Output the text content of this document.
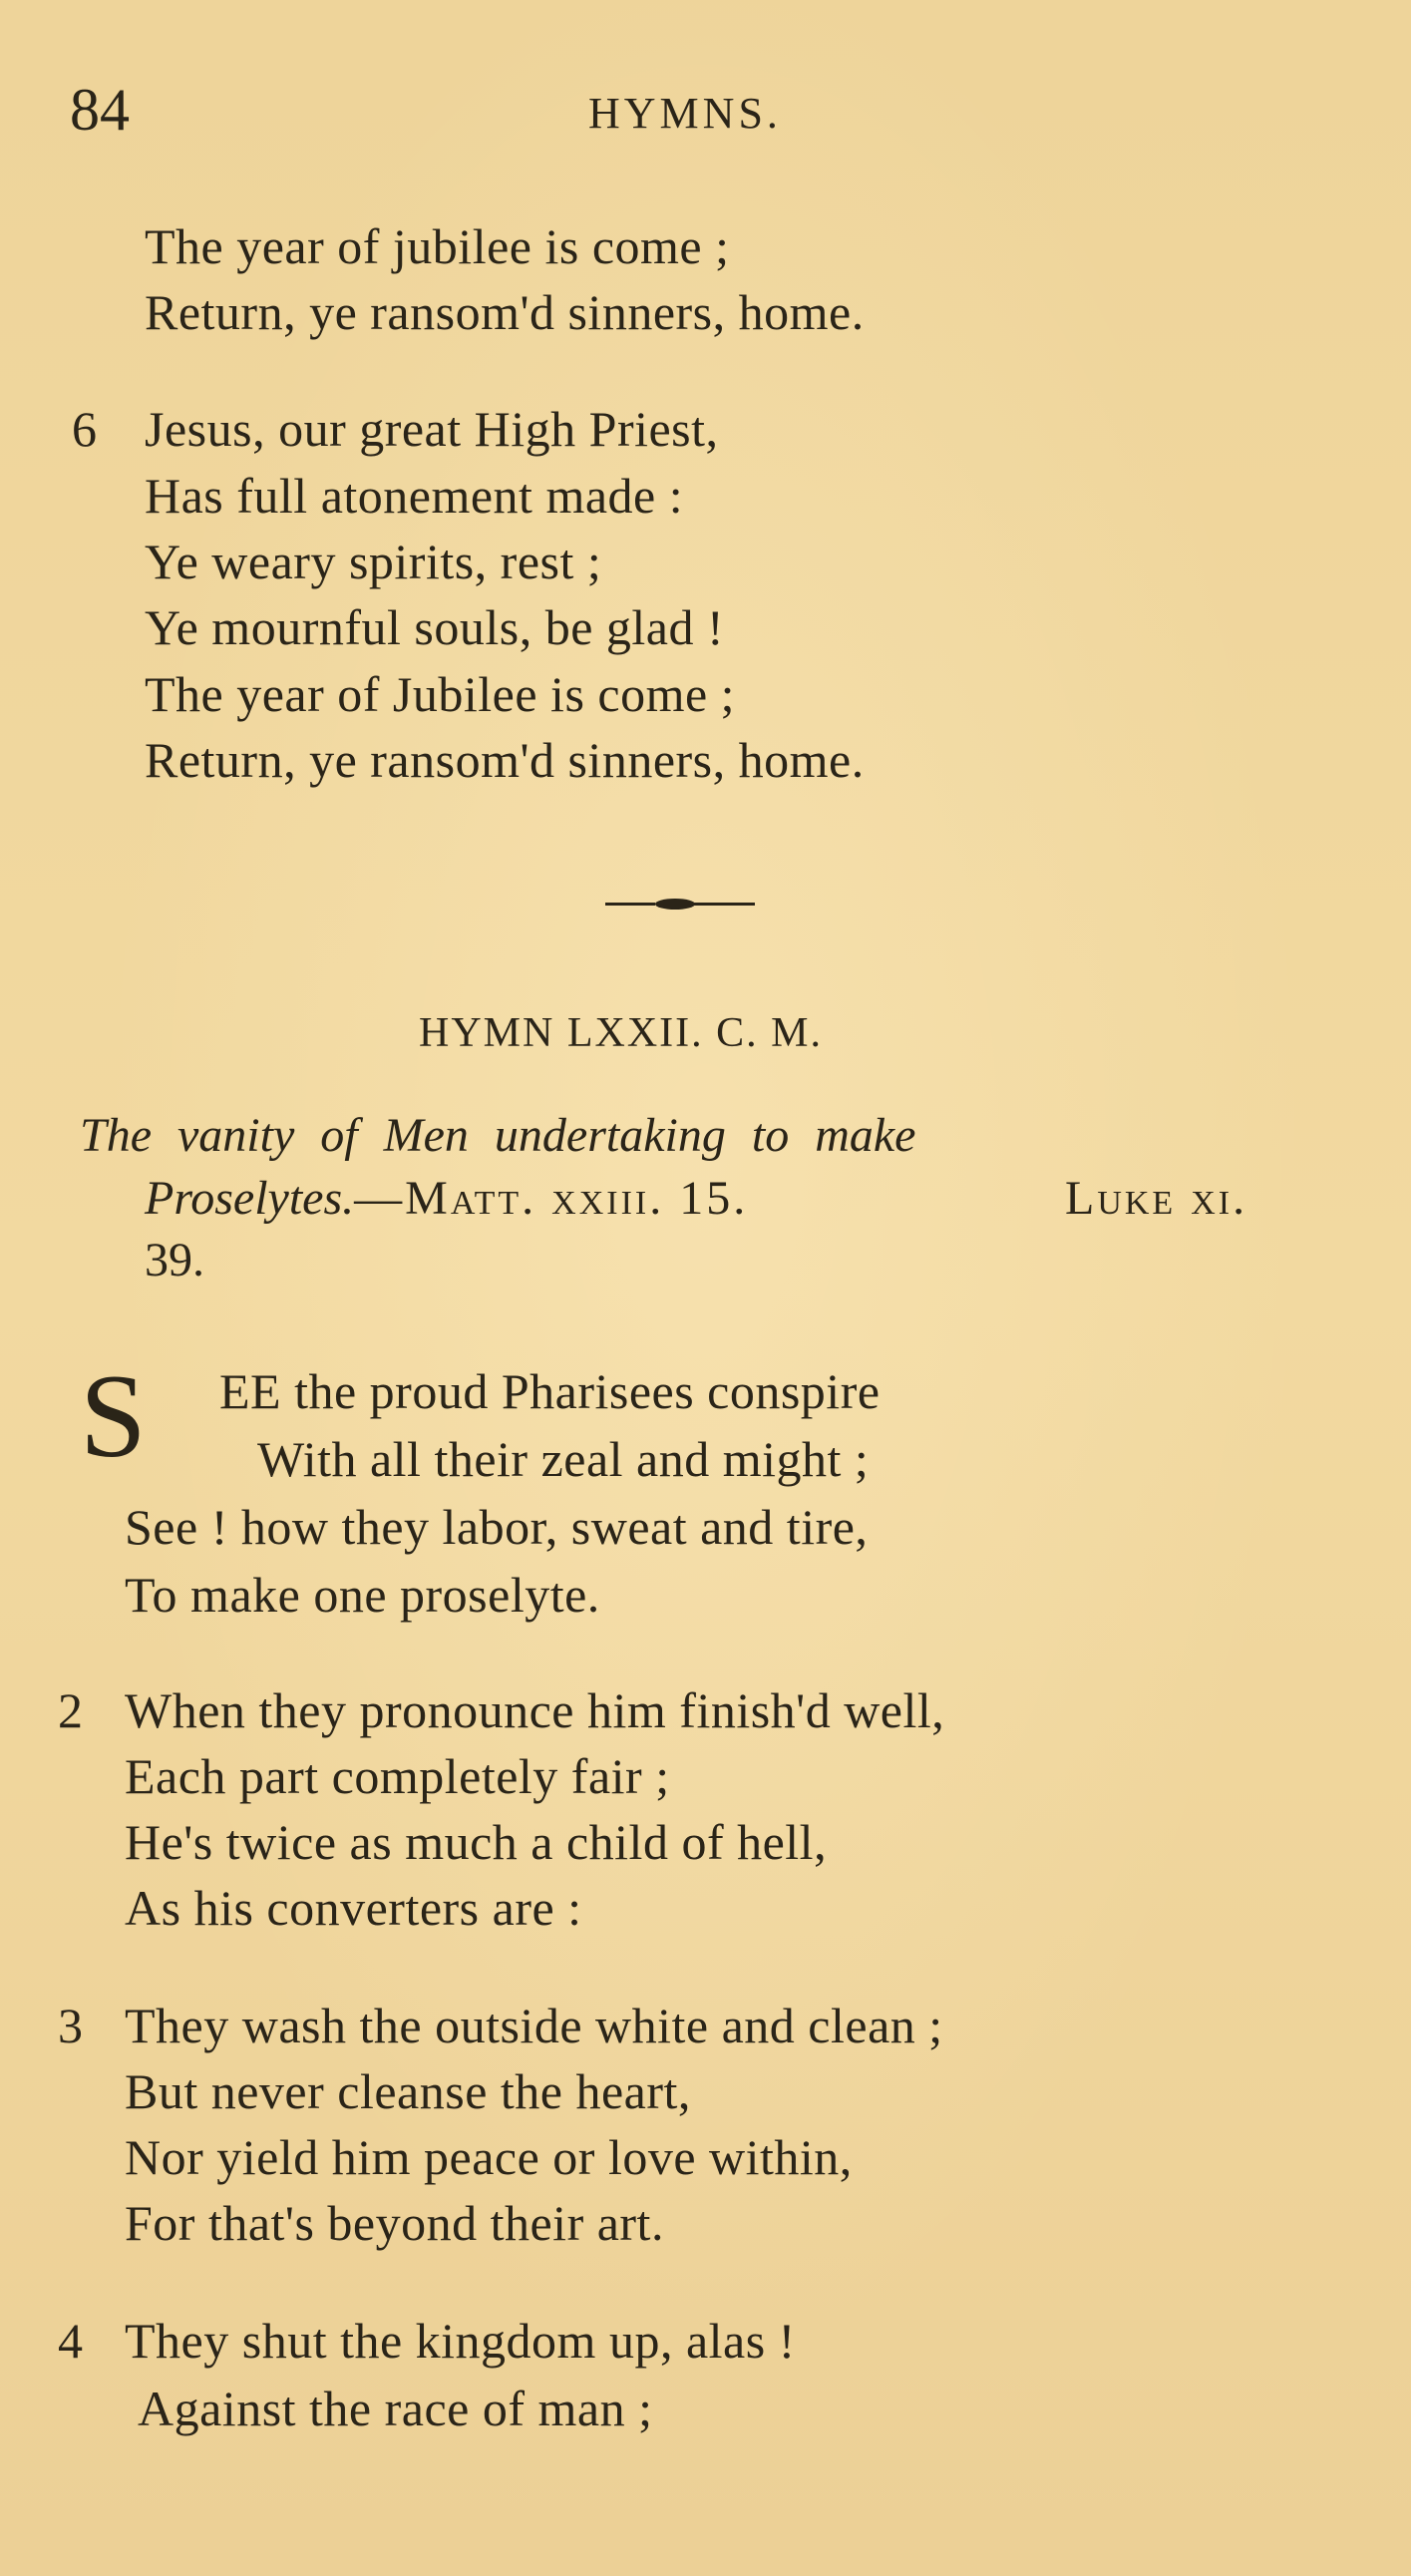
84	HYMNS.
The year of jubilee is come ;
Return, ye ransom'd sinners, home.
6 Jesus, our great High Priest,
Has full atonement made :
Ye weary spirits, rest ;
Ye mournful souls, be glad !
The year of Jubilee is come ;
Return, ye ransom'd sinners, home.
HYMN LXXII. C. M.
The vanity of Men undertaking to make
Proselytes.—Matt. xxiii. 15.	Luke xi.
39.
S EE the proud Pharisees conspire
With all their zeal and might ;
See ! how they labor, sweat and tire,
To make one proselyte.
2 When they pronounce him finish'd well,
Each part completely fair ;
He's twice as much a child of hell,
As his converters are :
3 They wash the outside white and clean ;
But never cleanse the heart,
Nor yield him peace or love within,
For that's beyond their art.
4 They shut the kingdom up, alas !
Against the race of man ;
